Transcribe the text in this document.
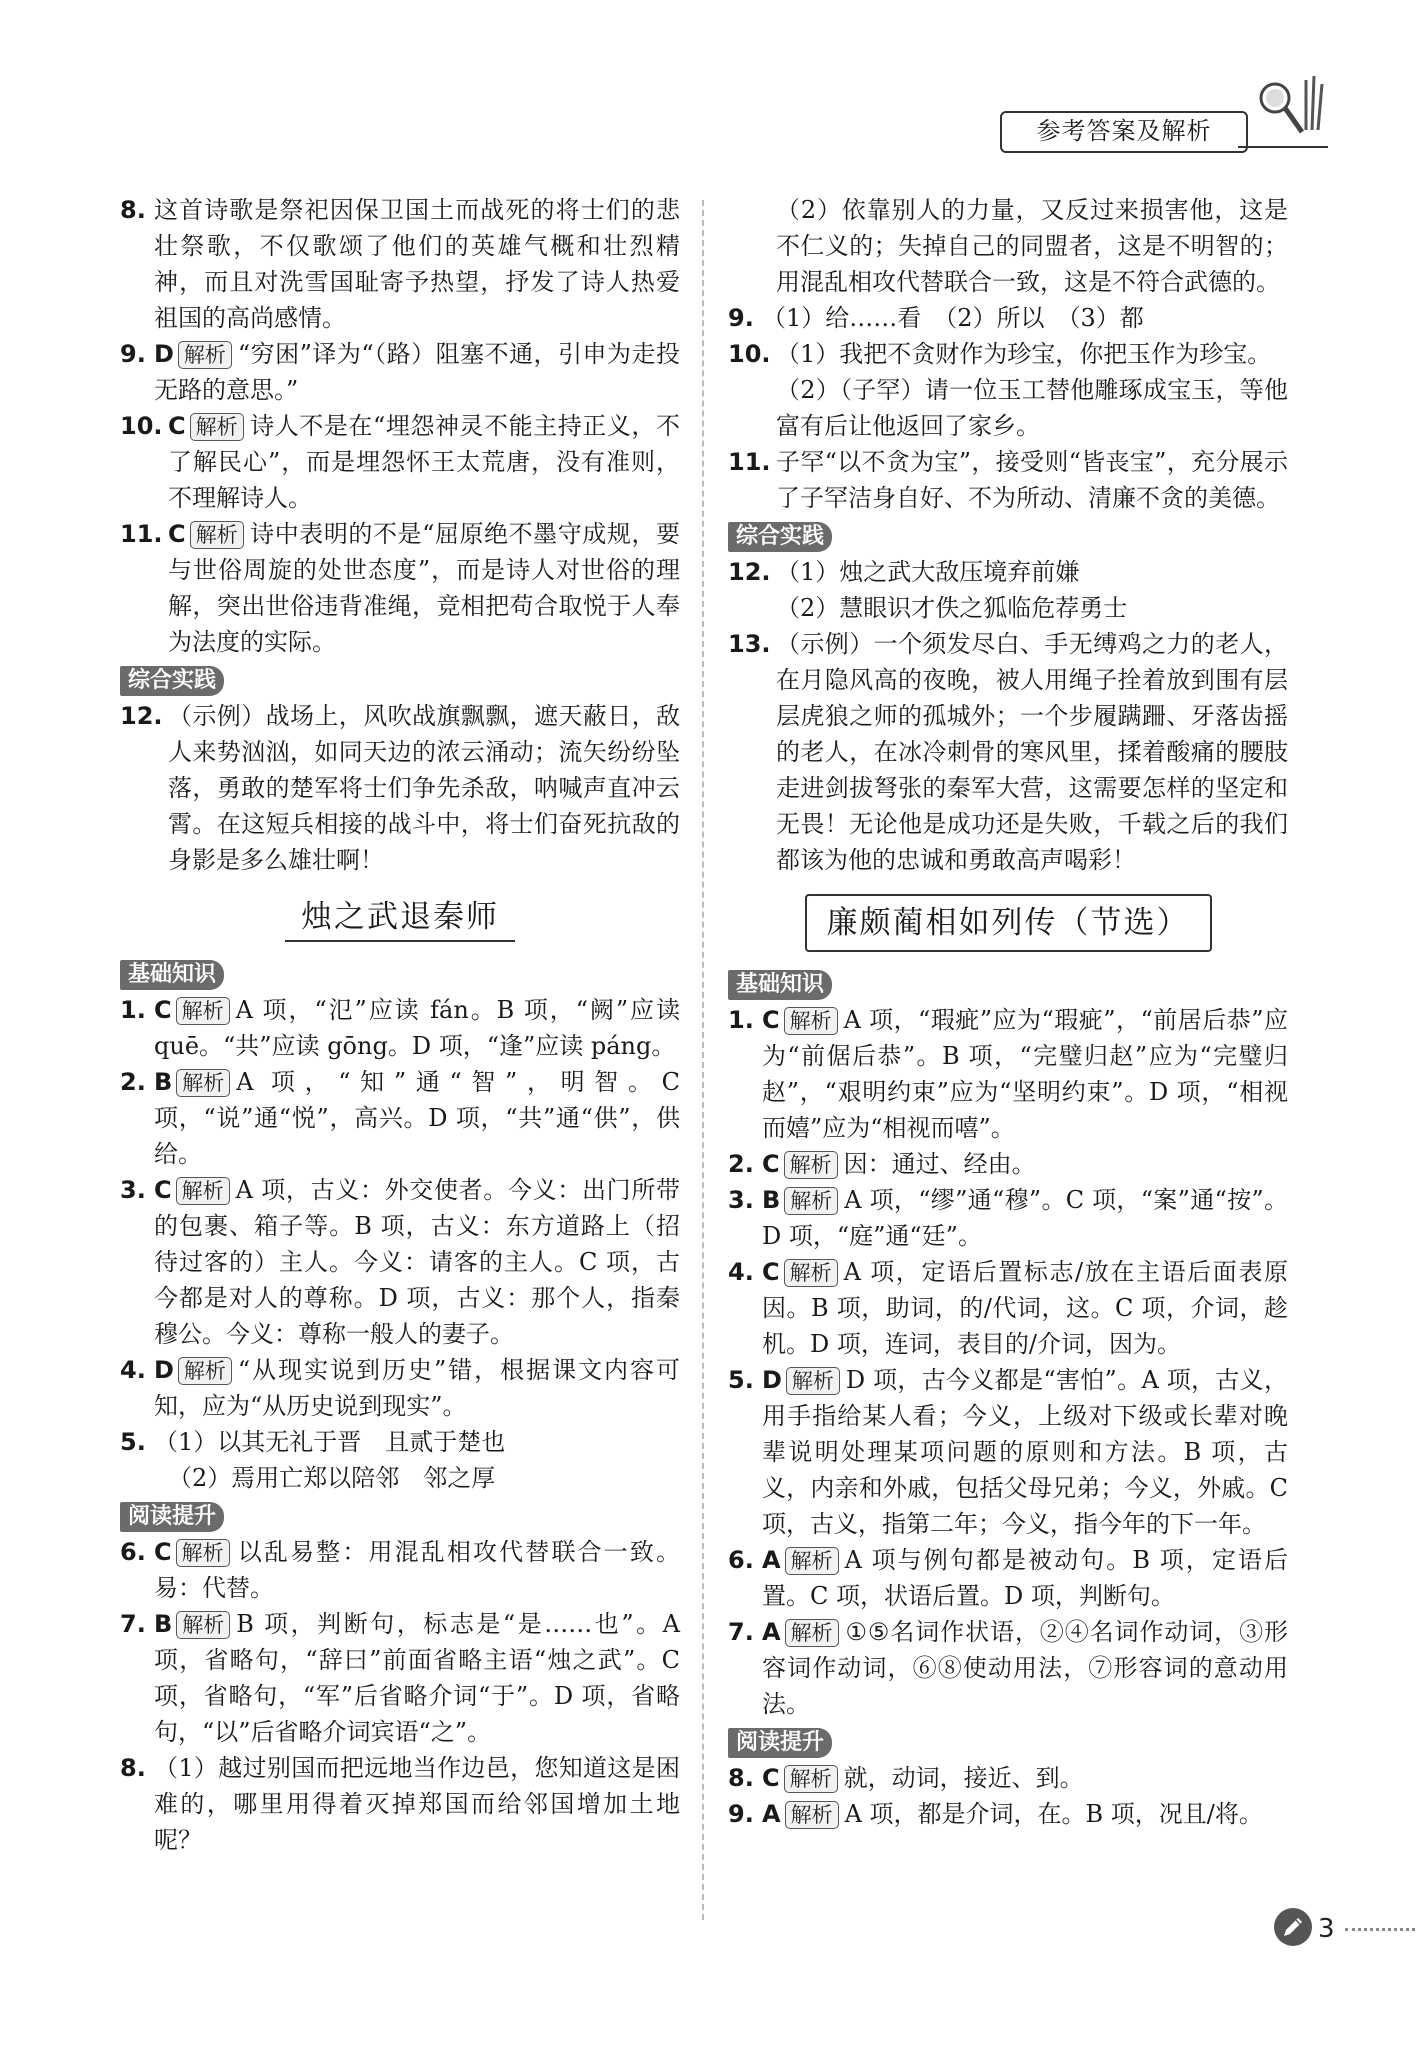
参考答案及解析

8. 这首诗歌是祭祀因保卫国土而战死的将士们的悲壮祭歌，不仅歌颂了他们的英雄气概和壮烈精神，而且对洗雪国耻寄予热望，抒发了诗人热爱祖国的高尚感情。

9. D 解析 “穷困”译为“（路）阻塞不通，引申为走投无路的意思。”

10. C 解析 诗人不是在“埋怨神灵不能主持正义，不了解民心”，而是埋怨怀王太荒唐，没有准则，不理解诗人。

11. C 解析 诗中表明的不是“屈原绝不墨守成规，要与世俗周旋的处世态度”，而是诗人对世俗的理解，突出世俗违背准绳，竞相把苟合取悦于人奉为法度的实际。

综合实践

12. （示例）战场上，风吹战旗飘飘，遮天蔽日，敌人来势汹汹，如同天边的浓云涌动；流矢纷纷坠落，勇敢的楚军将士们争先杀敌，呐喊声直冲云霄。在这短兵相接的战斗中，将士们奋死抗敌的身影是多么雄壮啊！

烛之武退秦师
基础知识

1. C 解析 A 项，“氾”应读 fán。B 项，“阙”应读 quē。“共”应读 gōng。D 项，“逢”应读 páng。

2. B 解析 A 项，“知”通“智”，明智。C 项，“说”通“悦”，高兴。D 项，“共”通“供”，供给。

3. C 解析 A 项，古义：外交使者。今义：出门所带的包裹、箱子等。B 项，古义：东方道路上（招待过客的）主人。今义：请客的主人。C 项，古今都是对人的尊称。D 项，古义：那个人，指秦穆公。今义：尊称一般人的妻子。

4. D 解析 “从现实说到历史”错，根据课文内容可知，应为“从历史说到现实”。

5. （1）以其无礼于晋　且贰于楚也

（2）焉用亡郑以陪邻　邻之厚

阅读提升

6. C 解析 以乱易整：用混乱相攻代替联合一致。易：代替。

7. B 解析 B 项，判断句，标志是“是……也”。A 项，省略句，“辞曰”前面省略主语“烛之武”。C 项，省略句，“军”后省略介词“于”。D 项，省略句，“以”后省略介词宾语“之”。

8. （1）越过别国而把远地当作边邑，您知道这是困难的，哪里用得着灭掉郑国而给邻国增加土地呢？

（2）依靠别人的力量，又反过来损害他，这是不仁义的；失掉自己的同盟者，这是不明智的；用混乱相攻代替联合一致，这是不符合武德的。

9. （1）给……看　（2）所以　（3）都

10. （1）我把不贪财作为珍宝，你把玉作为珍宝。

（2）（子罕）请一位玉工替他雕琢成宝玉，等他富有后让他返回了家乡。

11. 子罕“以不贪为宝”，接受则“皆丧宝”，充分展示了子罕洁身自好、不为所动、清廉不贪的美德。

综合实践

12. （1）烛之武大敌压境弃前嫌

（2）慧眼识才佚之狐临危荐勇士

13. （示例）一个须发尽白、手无缚鸡之力的老人，在月隐风高的夜晚，被人用绳子拴着放到围有层层虎狼之师的孤城外；一个步履蹒跚、牙落齿摇的老人，在冰冷刺骨的寒风里，揉着酸痛的腰肢走进剑拔弩张的秦军大营，这需要怎样的坚定和无畏！无论他是成功还是失败，千载之后的我们都该为他的忠诚和勇敢高声喝彩！

廉颇蔺相如列传（节选）
基础知识

1. C 解析 A 项，“瑕疵”应为“瑕疵”，“前居后恭”应为“前倨后恭”。B 项，“完璧归赵”应为“完璧归赵”，“艰明约束”应为“坚明约束”。D 项，“相视而嬉”应为“相视而嘻”。

2. C 解析 因：通过、经由。

3. B 解析 A 项，“缪”通“穆”。C 项，“案”通“按”。D 项，“庭”通“廷”。

4. C 解析 A 项，定语后置标志/放在主语后面表原因。B 项，助词，的/代词，这。C 项，介词，趁机。D 项，连词，表目的/介词，因为。

5. D 解析 D 项，古今义都是“害怕”。A 项，古义，用手指给某人看；今义，上级对下级或长辈对晚辈说明处理某项问题的原则和方法。B 项，古义，内亲和外戚，包括父母兄弟；今义，外戚。C 项，古义，指第二年；今义，指今年的下一年。

6. A 解析 A 项与例句都是被动句。B 项，定语后置。C 项，状语后置。D 项，判断句。

7. A 解析 ①⑤名词作状语，②④名词作动词，③形容词作动词，⑥⑧使动用法，⑦形容词的意动用法。

阅读提升

8. C 解析 就，动词，接近、到。

9. A 解析 A 项，都是介词，在。B 项，况且/将。

3
